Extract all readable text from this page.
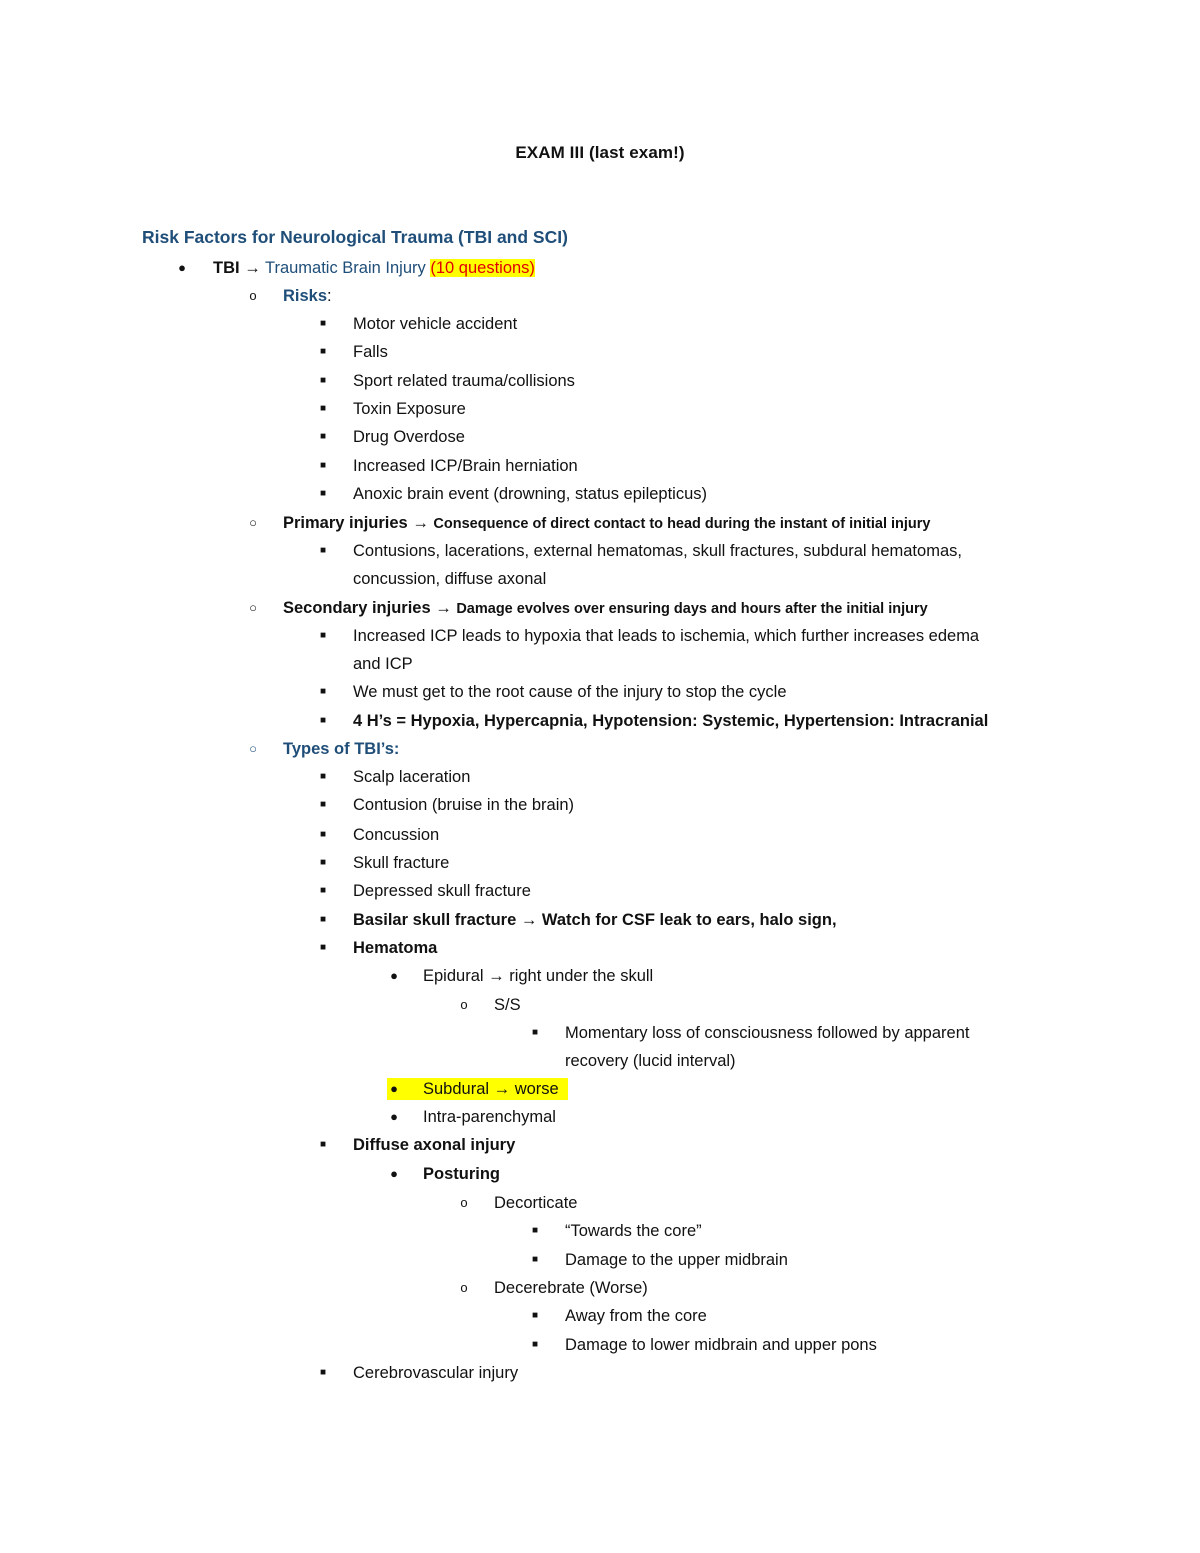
EXAM III (last exam!)
Risk Factors for Neurological Trauma (TBI and SCI)
●	TBI → Traumatic Brain Injury (10 questions)
o	Risks:
■	Motor vehicle accident
■	Falls
■	Sport related trauma/collisions
■	Toxin Exposure
■	Drug Overdose
■	Increased ICP/Brain herniation
■	Anoxic brain event (drowning, status epilepticus)
○	Primary injuries → Consequence of direct contact to head during the instant of initial injury
■	Contusions, lacerations, external hematomas, skull fractures, subdural hematomas,
concussion, diffuse axonal
○	Secondary injuries → Damage evolves over ensuring days and hours after the initial injury
■	Increased ICP leads to hypoxia that leads to ischemia, which further increases edema
and ICP
■	We must get to the root cause of the injury to stop the cycle
■	4 H’s = Hypoxia, Hypercapnia, Hypotension: Systemic, Hypertension: Intracranial
○	Types of TBI’s:
■	Scalp laceration
■	Contusion (bruise in the brain)
■	Concussion
■	Skull fracture
■	Depressed skull fracture
■	Basilar skull fracture → Watch for CSF leak to ears, halo sign,
■	Hematoma
●	Epidural → right under the skull
o	S/S
■	Momentary loss of consciousness followed by apparent
recovery (lucid interval)
●	Subdural → worse
●	Intra-parenchymal
■	Diffuse axonal injury
●	Posturing
o	Decorticate
■	“Towards the core”
■	Damage to the upper midbrain
o	Decerebrate (Worse)
■	Away from the core
■	Damage to lower midbrain and upper pons
■	Cerebrovascular injury
